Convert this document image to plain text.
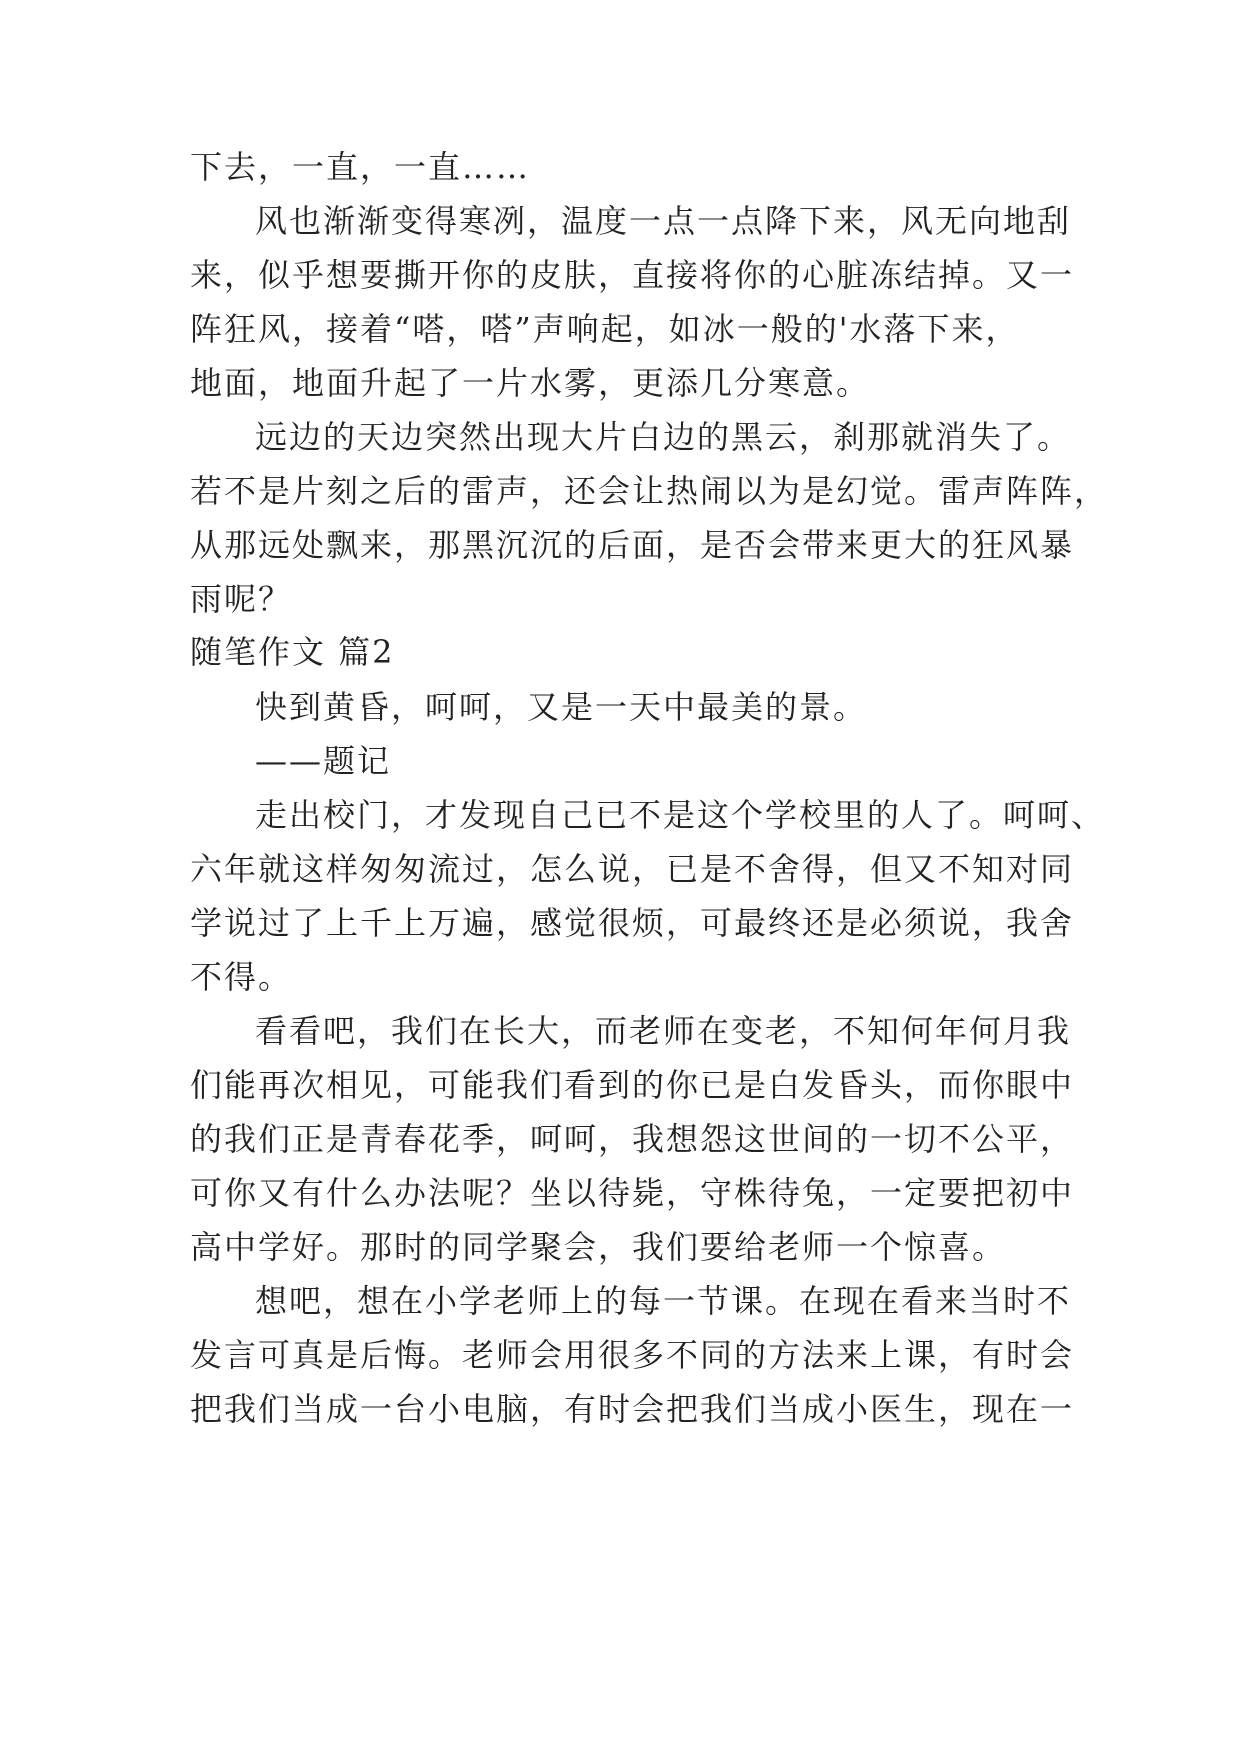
下去，一直，一直……
风也渐渐变得寒冽，温度一点一点降下来，风无向地刮
来，似乎想要撕开你的皮肤，直接将你的心脏冻结掉。又一
阵狂风，接着“嗒，嗒”声响起，如冰一般的'水落下来，
地面，地面升起了一片水雾，更添几分寒意。
远边的天边突然出现大片白边的黑云，刹那就消失了。
若不是片刻之后的雷声，还会让热闹以为是幻觉。雷声阵阵，
从那远处飘来，那黑沉沉的后面，是否会带来更大的狂风暴
雨呢？
随笔作文 篇2
快到黄昏，呵呵，又是一天中最美的景。
——题记
走出校门，才发现自己已不是这个学校里的人了。呵呵、
六年就这样匆匆流过，怎么说，已是不舍得，但又不知对同
学说过了上千上万遍，感觉很烦，可最终还是必须说，我舍
不得。
看看吧，我们在长大，而老师在变老，不知何年何月我
们能再次相见，可能我们看到的你已是白发昏头，而你眼中
的我们正是青春花季，呵呵，我想怨这世间的一切不公平，
可你又有什么办法呢？坐以待毙，守株待兔，一定要把初中
高中学好。那时的同学聚会，我们要给老师一个惊喜。
想吧，想在小学老师上的每一节课。在现在看来当时不
发言可真是后悔。老师会用很多不同的方法来上课，有时会
把我们当成一台小电脑，有时会把我们当成小医生，现在一
